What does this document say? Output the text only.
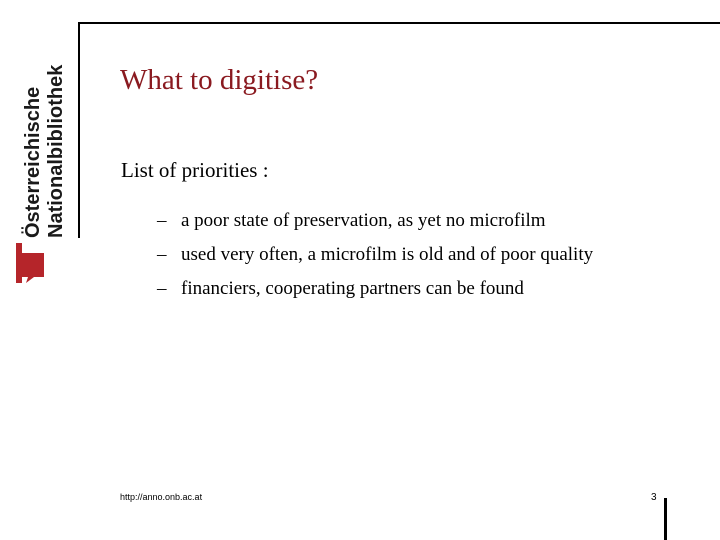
Österreichische Nationalbibliothek What to digitise?
List of priorities :
– a poor state of preservation, as yet no microfilm
– used very often, a microfilm is old and of poor quality
– financiers, cooperating partners can be found
http://anno.onb.ac.at	3
